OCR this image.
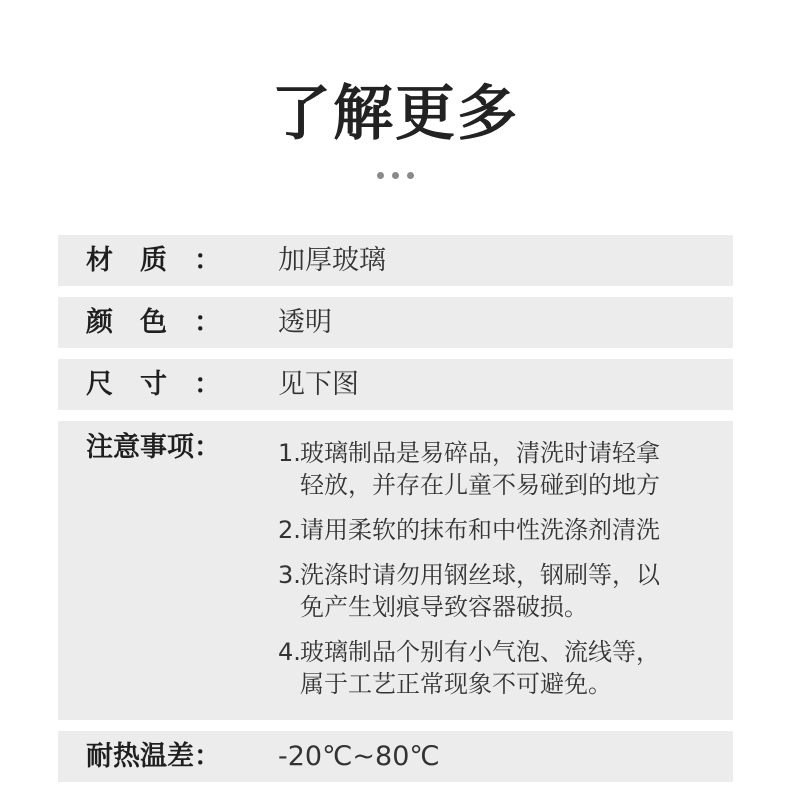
了解更多
材质： 加厚玻璃
颜色： 透明
尺寸： 见下图
注意事项： 1.玻璃制品是易碎品，清洗时请轻拿
轻放，并存在儿童不易碰到的地方
2.请用柔软的抹布和中性洗涤剂清洗
3.洗涤时请勿用钢丝球，钢刷等，以
免产生划痕导致容器破损。
4.玻璃制品个别有小气泡、流线等，
属于工艺正常现象不可避免。
耐热温差： -20℃~80℃
